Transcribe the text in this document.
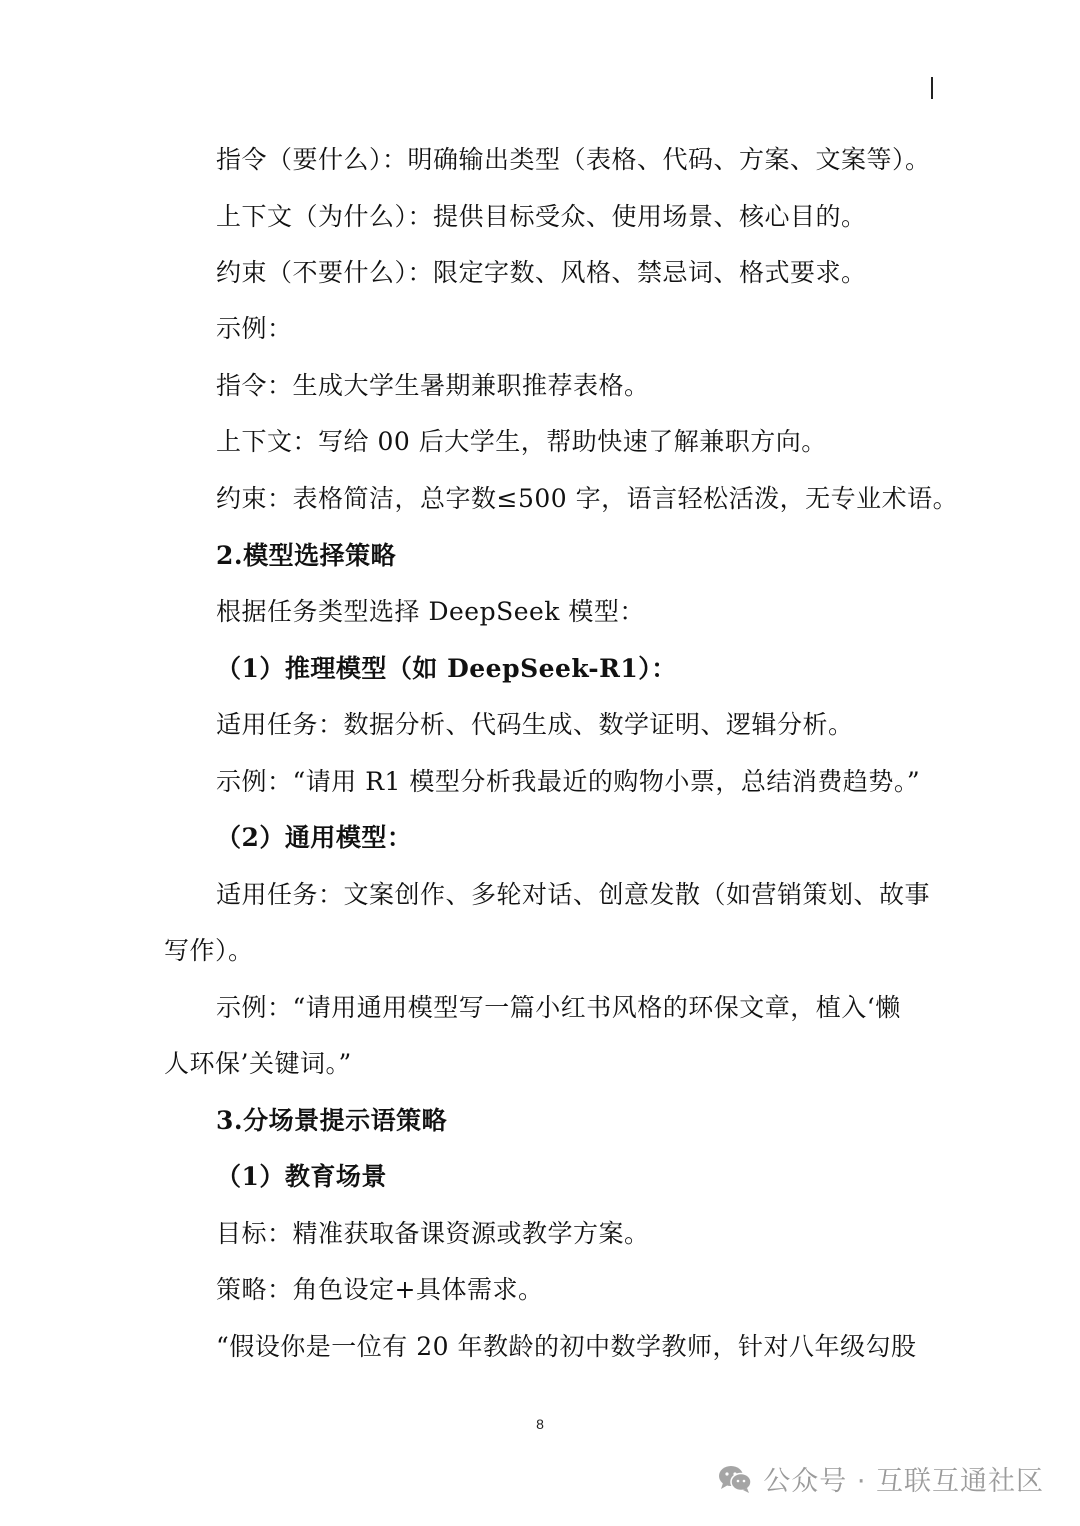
指令（要什么）：明确输出类型（表格、代码、方案、文案等）。
上下文（为什么）：提供目标受众、使用场景、核心目的。
约束（不要什么）：限定字数、风格、禁忌词、格式要求。
示例：
指令：生成大学生暑期兼职推荐表格。
上下文：写给 00 后大学生，帮助快速了解兼职方向。
约束：表格简洁，总字数≤500 字，语言轻松活泼，无专业术语。
2.模型选择策略
根据任务类型选择 DeepSeek 模型：
（1）推理模型（如 DeepSeek-R1）：
适用任务：数据分析、代码生成、数学证明、逻辑分析。
示例：“请用 R1 模型分析我最近的购物小票，总结消费趋势。”
（2）通用模型：
适用任务：文案创作、多轮对话、创意发散（如营销策划、故事
写作）。
示例：“请用通用模型写一篇小红书风格的环保文章，植入‘懒
人环保’关键词。”
3.分场景提示语策略
（1）教育场景
目标：精准获取备课资源或教学方案。
策略：角色设定+具体需求。
“假设你是一位有 20 年教龄的初中数学教师，针对八年级勾股
8
公众号 · 互联互通社区
